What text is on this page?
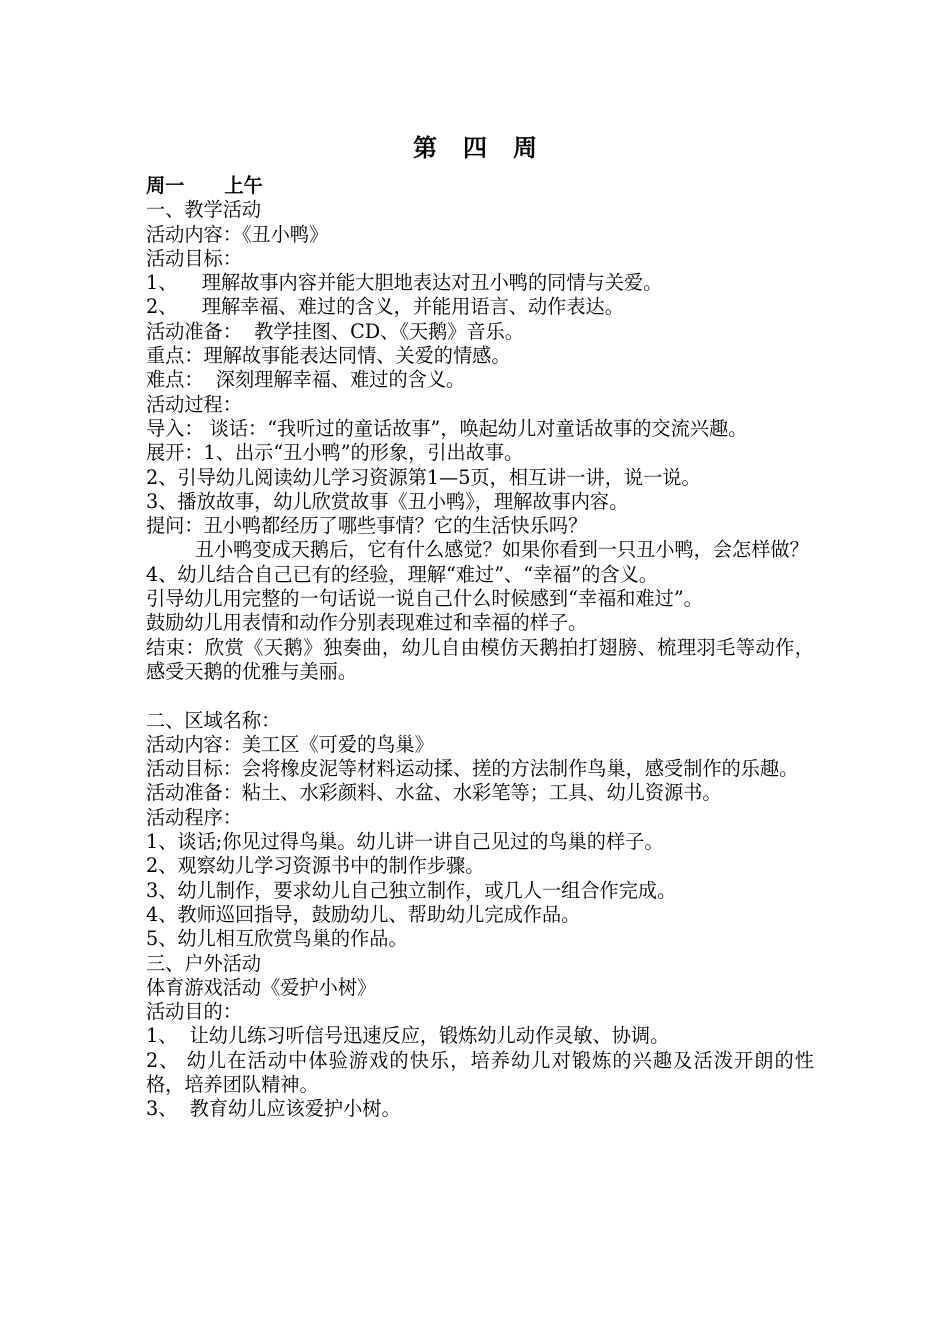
第 四 周
周一 上午
一、教学活动
活动内容：《丑小鸭》
活动目标：
1、    理解故事内容并能大胆地表达对丑小鸭的同情与关爱。
2、    理解幸福、难过的含义，并能用语言、动作表达。
活动准备：  教学挂图、CD、《天鹅》音乐。
重点：理解故事能表达同情、关爱的情感。
难点：  深刻理解幸福、难过的含义。
活动过程：
导入： 谈话：“我听过的童话故事”，唤起幼儿对童话故事的交流兴趣。
展开：1、出示“丑小鸭”的形象，引出故事。
2、引导幼儿阅读幼儿学习资源第1—5页，相互讲一讲，说一说。
3、播放故事，幼儿欣赏故事《丑小鸭》，理解故事内容。
提问：丑小鸭都经历了哪些事情？它的生活快乐吗？
丑小鸭变成天鹅后，它有什么感觉？如果你看到一只丑小鸭，会怎样做？
4、幼儿结合自己已有的经验，理解“难过”、“幸福”的含义。
引导幼儿用完整的一句话说一说自己什么时候感到“幸福和难过”。
鼓励幼儿用表情和动作分别表现难过和幸福的样子。
结束：欣赏《天鹅》独奏曲，幼儿自由模仿天鹅拍打翅膀、梳理羽毛等动作，感受天鹅的优雅与美丽。
二、区域名称：
活动内容：美工区《可爱的鸟巢》
活动目标：会将橡皮泥等材料运动揉、搓的方法制作鸟巢，感受制作的乐趣。
活动准备：粘土、水彩颜料、水盆、水彩笔等；工具、幼儿资源书。
活动程序：
1、谈话;你见过得鸟巢。幼儿讲一讲自己见过的鸟巢的样子。
2、观察幼儿学习资源书中的制作步骤。
3、幼儿制作，要求幼儿自己独立制作，或几人一组合作完成。
4、教师巡回指导，鼓励幼儿、帮助幼儿完成作品。
5、幼儿相互欣赏鸟巢的作品。
三、户外活动
体育游戏活动《爱护小树》
活动目的：
1、  让幼儿练习听信号迅速反应，锻炼幼儿动作灵敏、协调。
2、 幼儿在活动中体验游戏的快乐，培养幼儿对锻炼的兴趣及活泼开朗的性格，培养团队精神。
3、  教育幼儿应该爱护小树。
